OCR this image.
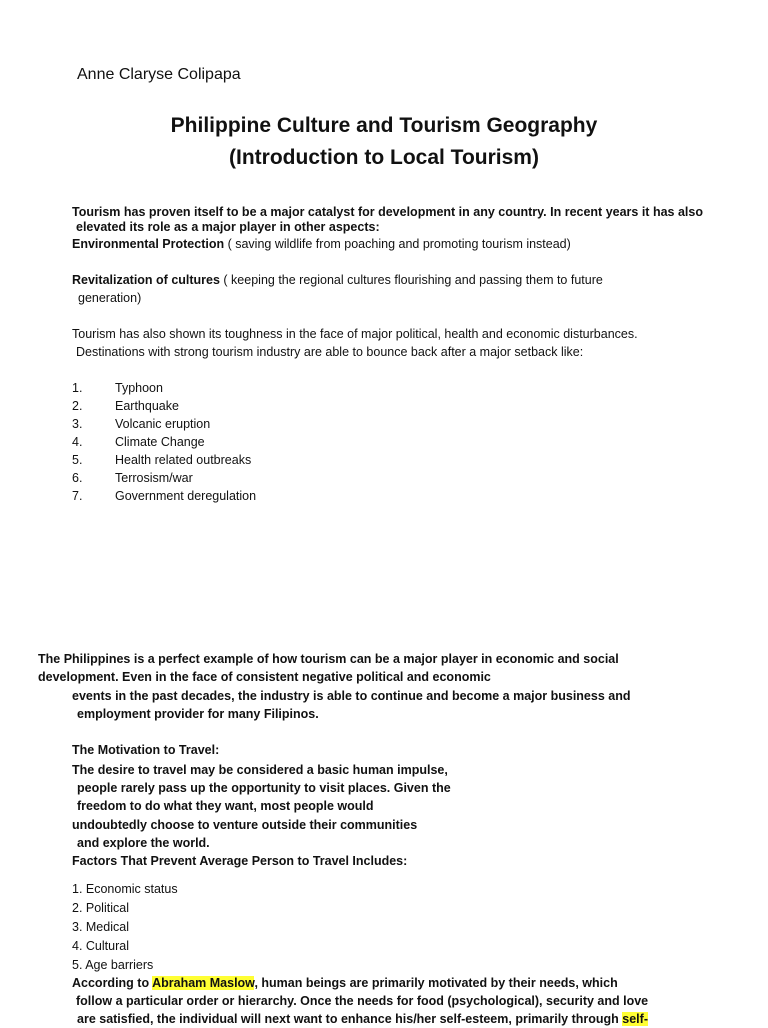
Anne Claryse Colipapa
Philippine Culture and Tourism Geography
(Introduction to Local Tourism)
Tourism has proven itself to be a major catalyst for development in any country. In recent years it has also
elevated its role as a major player in other aspects:
Environmental Protection ( saving wildlife from poaching and promoting tourism instead)
Revitalization of cultures ( keeping the regional cultures flourishing and passing them to future
generation)
Tourism has also shown its toughness in the face of major political, health and economic disturbances.
Destinations with strong tourism industry are able to bounce back after a major setback like:
1.	Typhoon
2.	Earthquake
3.	Volcanic eruption
4.	Climate Change
5.	Health related outbreaks
6.	Terrosism/war
7.	Government deregulation
The Philippines is a perfect example of how tourism can be a major player in economic and social
development. Even in the face of consistent negative political and economic
events in the past decades, the industry is able to continue and become a major business and
employment provider for many Filipinos.
The Motivation to Travel:
The desire to travel may be considered a basic human impulse,
people rarely pass up the opportunity to visit places. Given the
freedom to do what they want, most people would
undoubtedly choose to venture outside their communities
and explore the world.
Factors That Prevent Average Person to Travel Includes:
1. Economic status
2. Political
3. Medical
4. Cultural
5. Age barriers
According to Abraham Maslow, human beings are primarily motivated by their needs, which
follow a particular order or hierarchy. Once the needs for food (psychological), security and love
are satisfied, the individual will next want to enhance his/her self-esteem, primarily through self-
